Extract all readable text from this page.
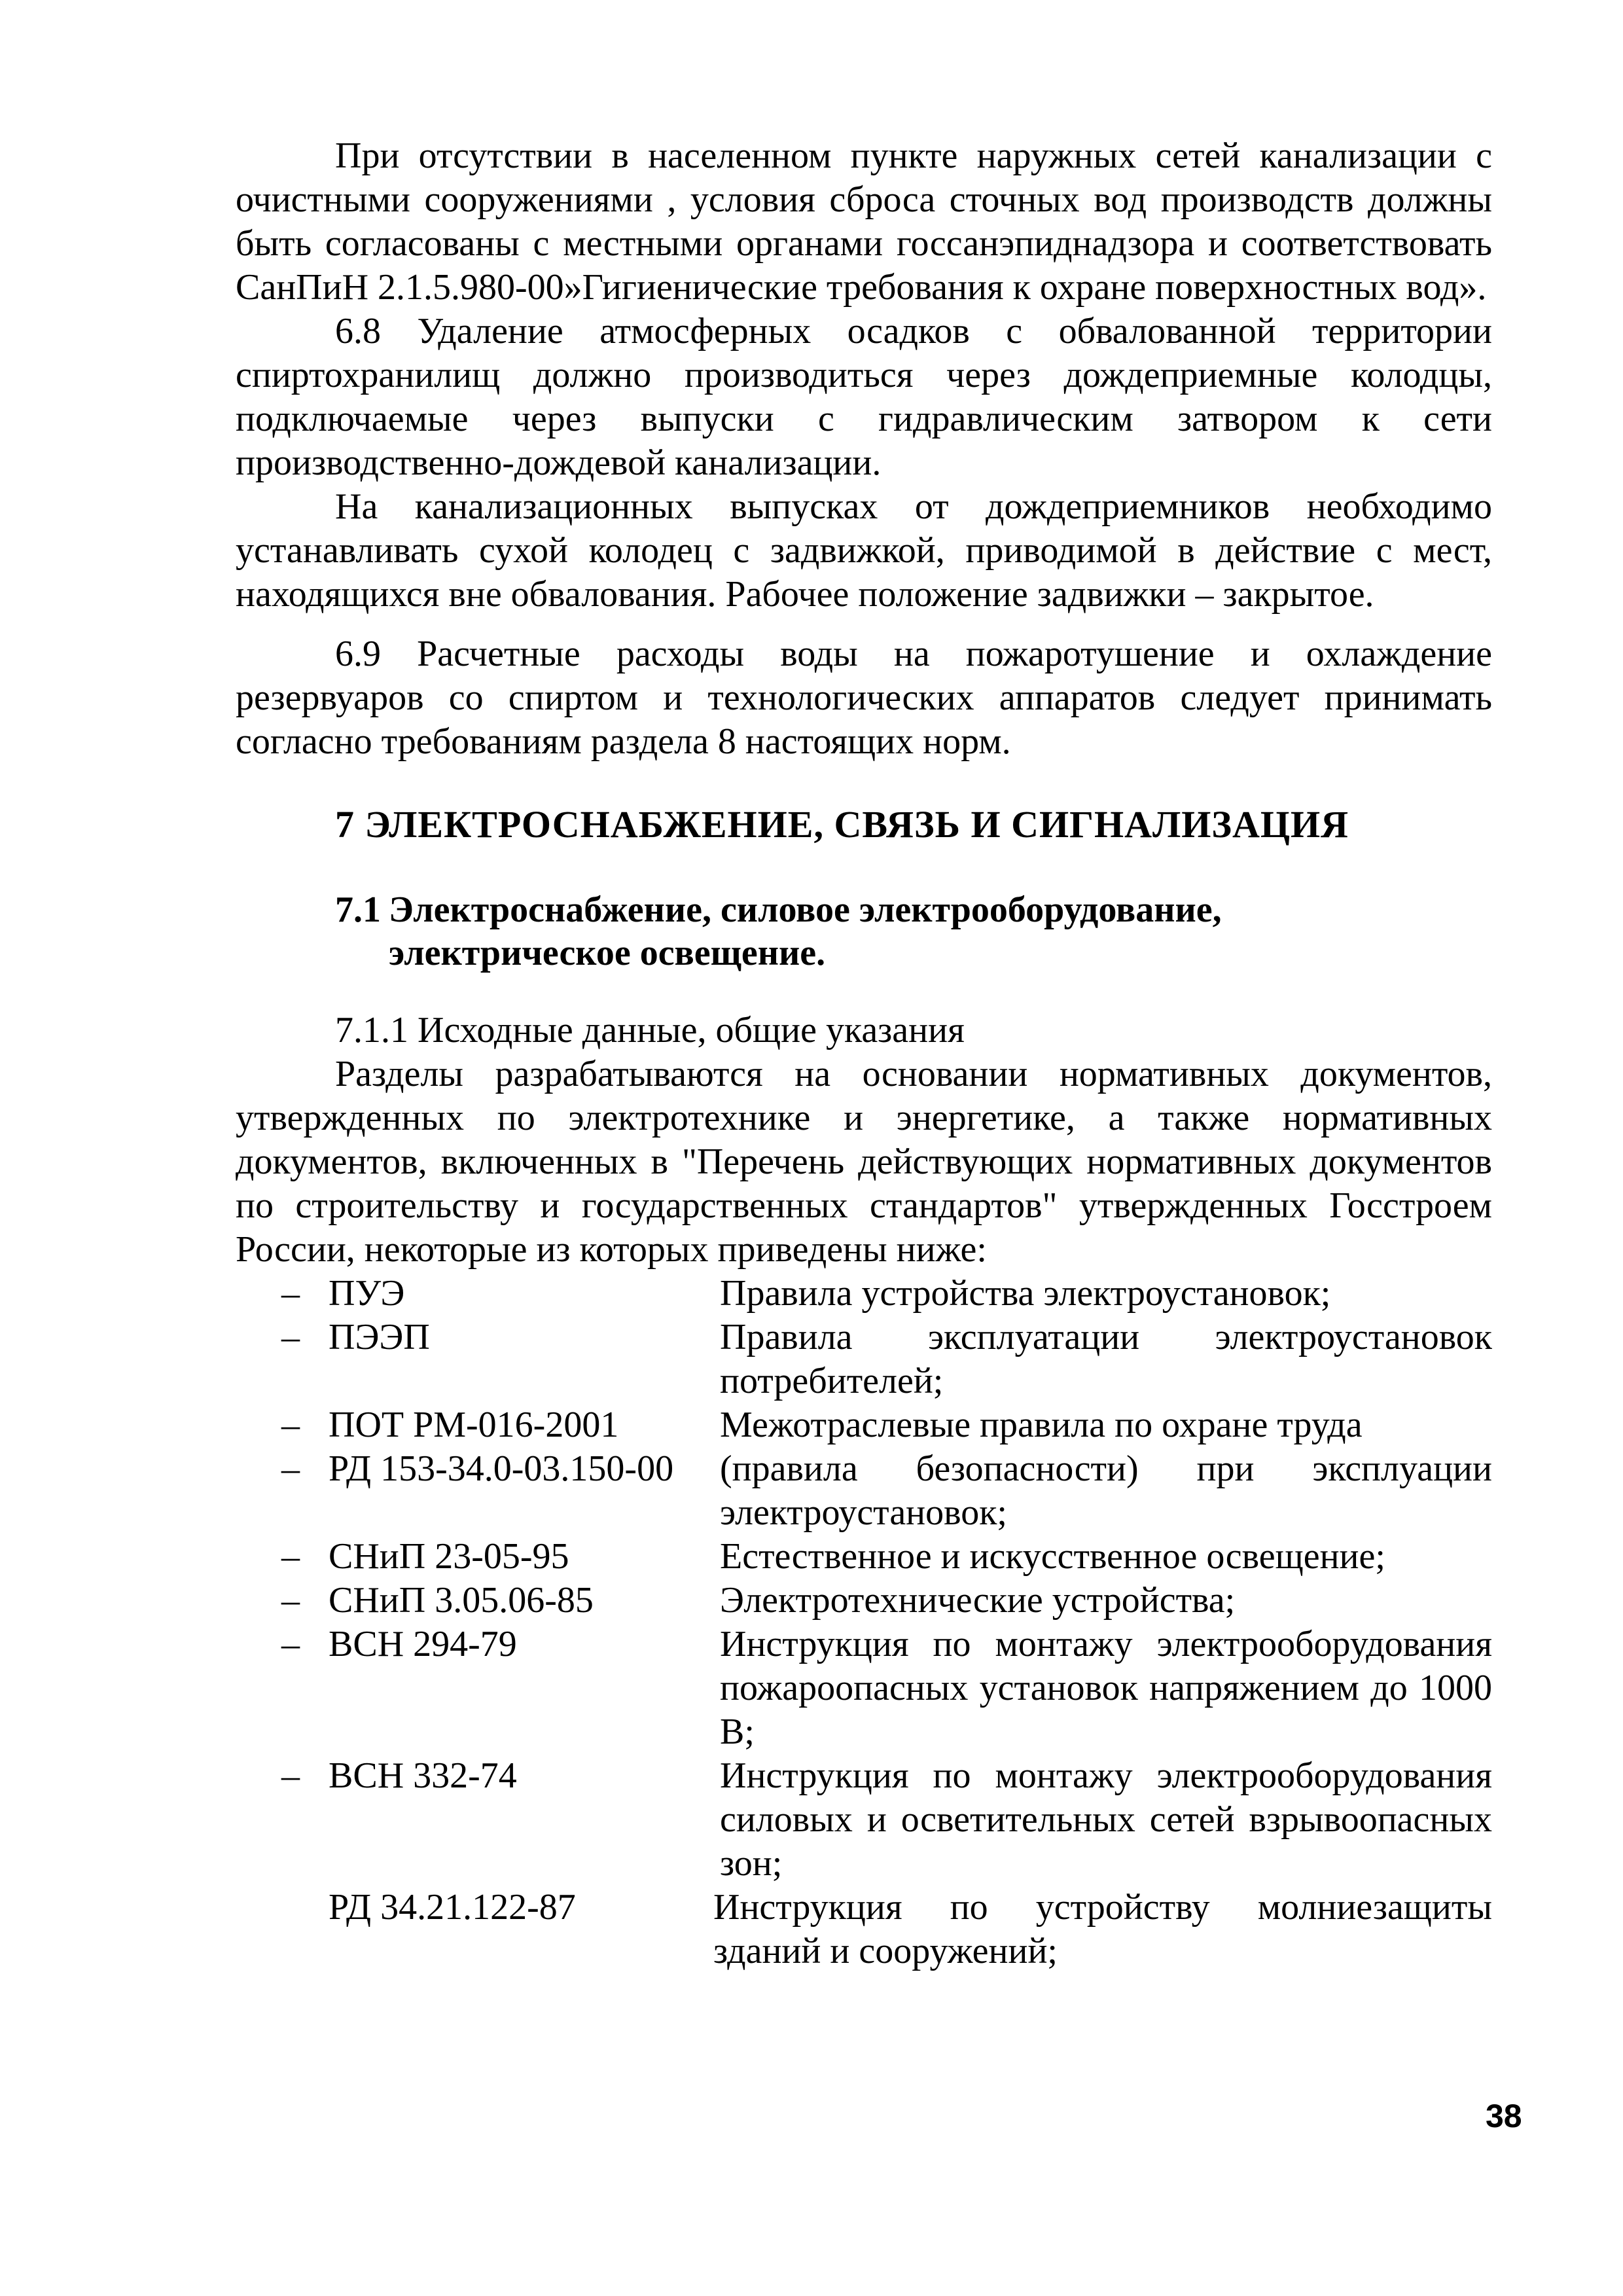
При отсутствии в населенном пункте наружных сетей канализации с очистными сооружениями , условия сброса сточных вод производств должны быть согласованы с местными органами госсанэпиднадзора и соответствовать СанПиН 2.1.5.980-00»Гигиенические требования к охране поверхностных вод».

6.8 Удаление атмосферных осадков с обвалованной территории спиртохранилищ должно производиться через дождеприемные колодцы, подключаемые через выпуски с гидравлическим затвором к сети производственно-дождевой канализации.

На канализационных выпусках от дождеприемников необходимо устанавливать сухой колодец с задвижкой, приводимой в действие с мест, находящихся вне обвалования. Рабочее положение задвижки – закрытое.

6.9 Расчетные расходы воды на пожаротушение и охлаждение резервуаров со спиртом и технологических аппаратов следует принимать согласно требованиям раздела 8 настоящих норм.

7 ЭЛЕКТРОСНАБЖЕНИЕ, СВЯЗЬ И СИГНАЛИЗАЦИЯ
7.1 Электроснабжение, силовое электрооборудование,
электрическое освещение.

7.1.1 Исходные данные, общие указания

Разделы разрабатываются на основании нормативных документов, утвержденных по электротехнике и энергетике, а также нормативных документов, включенных в "Перечень действующих нормативных документов по строительству и государственных стандартов" утвержденных Госстроем России, некоторые из которых приведены ниже:

– ПУЭ	Правила устройства электроустановок;
– ПЭЭП	Правила эксплуатации электроустановок потребителей;
– ПОТ РМ-016-2001	Межотраслевые правила по охране труда
– РД 153-34.0-03.150-00	(правила безопасности) при эксплуации электроустановок;
– СНиП 23-05-95	Естественное и искусственное освещение;
– СНиП 3.05.06-85	Электротехнические устройства;
– ВСН 294-79	Инструкция по монтажу электрооборудования пожароопасных установок напряжением до 1000 В;
– ВСН 332-74	Инструкция по монтажу электрооборудования силовых и осветительных сетей взрывоопасных зон;
РД 34.21.122-87	Инструкция по устройству молниезащиты зданий и сооружений;
38
